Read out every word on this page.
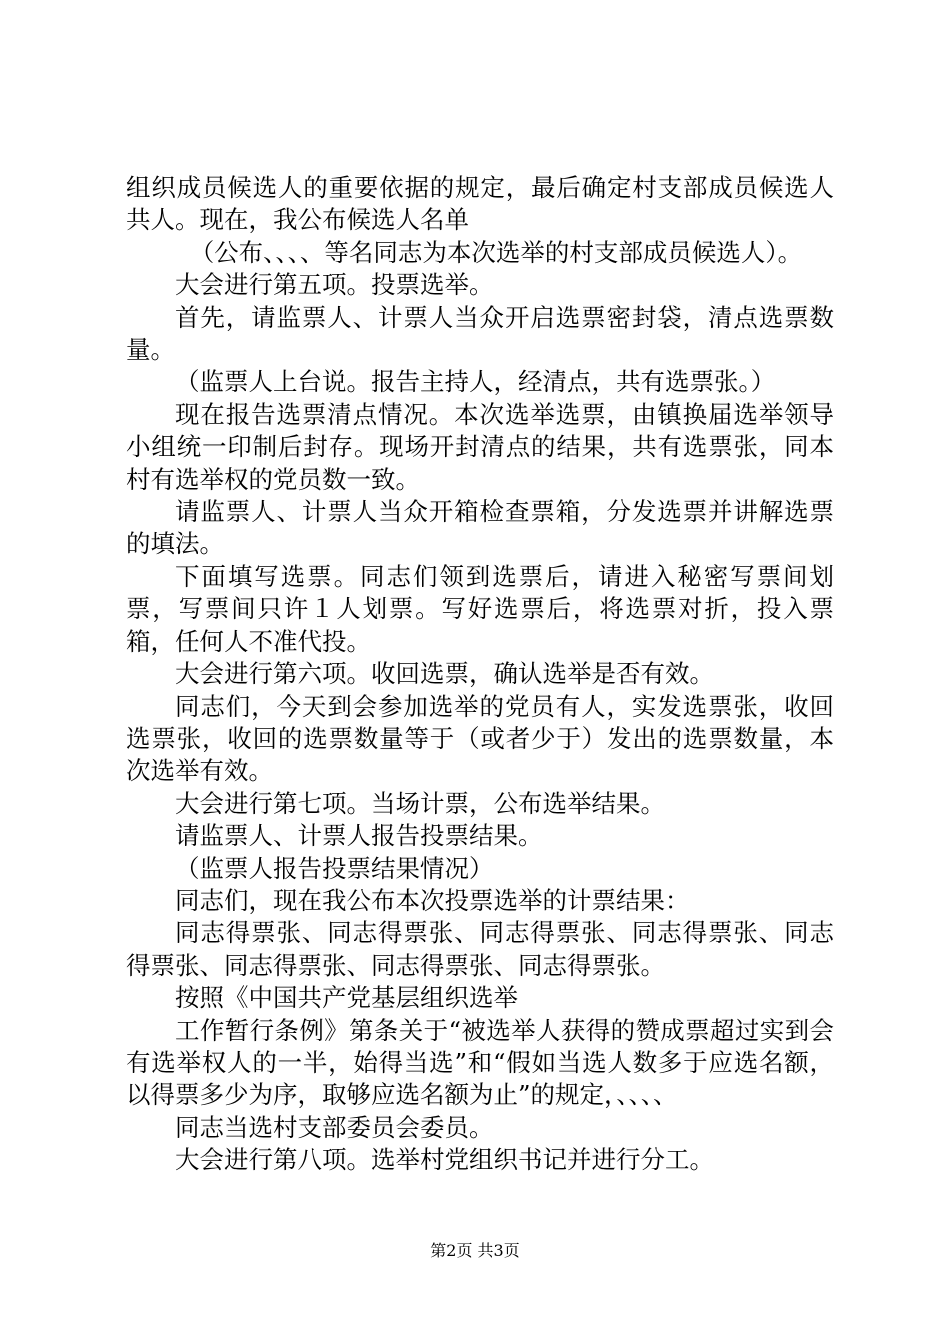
组织成员候选人的重要依据的规定，最后确定村支部成员候选人共人。现在，我公布候选人名单

（公布、、、、等名同志为本次选举的村支部成员候选人）。

大会进行第五项。投票选举。

首先，请监票人、计票人当众开启选票密封袋，清点选票数量。

（监票人上台说。报告主持人，经清点，共有选票张。）

现在报告选票清点情况。本次选举选票，由镇换届选举领导小组统一印制后封存。现场开封清点的结果，共有选票张，同本村有选举权的党员数一致。

请监票人、计票人当众开箱检查票箱，分发选票并讲解选票的填法。

下面填写选票。同志们领到选票后，请进入秘密写票间划票，写票间只许１人划票。写好选票后，将选票对折，投入票箱，任何人不准代投。

大会进行第六项。收回选票，确认选举是否有效。

同志们，今天到会参加选举的党员有人，实发选票张，收回选票张，收回的选票数量等于（或者少于）发出的选票数量，本次选举有效。

大会进行第七项。当场计票，公布选举结果。

请监票人、计票人报告投票结果。

（监票人报告投票结果情况）

同志们，现在我公布本次投票选举的计票结果：

同志得票张、同志得票张、同志得票张、同志得票张、同志得票张、同志得票张、同志得票张、同志得票张。

按照《中国共产党基层组织选举

工作暂行条例》第条关于“被选举人获得的赞成票超过实到会有选举权人的一半，始得当选”和“假如当选人数多于应选名额，以得票多少为序，取够应选名额为止”的规定，、、、、

同志当选村支部委员会委员。

大会进行第八项。选举村党组织书记并进行分工。

第2页 共3页
